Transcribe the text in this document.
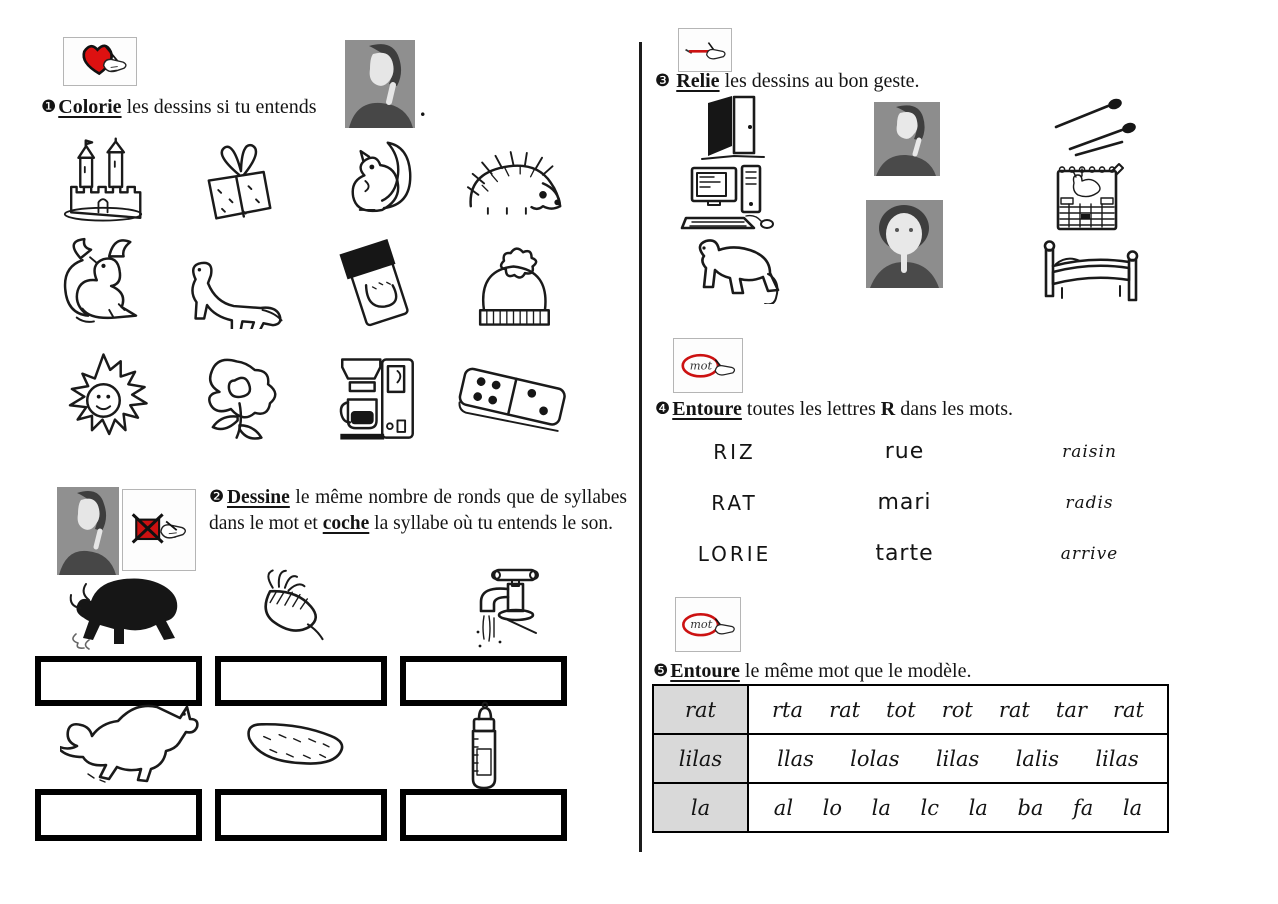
❶ Colorie les dessins si tu entends	.
❷ Dessine le même nombre de ronds que de syllabes dans le mot et coche la syllabe où tu entends le son.
❸ Relie les dessins au bon geste.
mot
❹ Entoure toutes les lettres R dans les mots.
RIZ	rue	raisin
RAT	mari	radis
LORIE	tarte	arrive
mot
❺ Entoure le même mot que le modèle.
rat	rta rat tot rot rat tar rat
lilas	llas lolas lilas lalis lilas
la	al lo la lc la ba fa la
